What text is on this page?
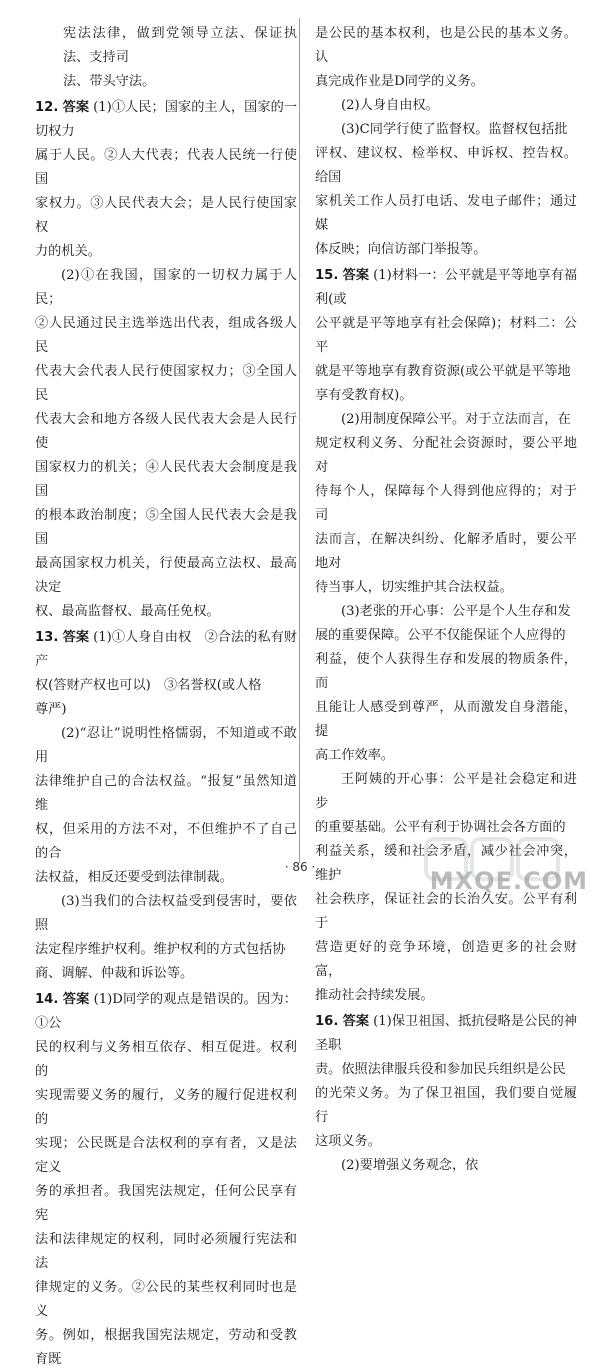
宪法法律，做到党领导立法、保证执法、支持司
法、带头守法。

12. 答案 (1)①人民；国家的主人，国家的一切权力
属于人民。②人大代表；代表人民统一行使国
家权力。③人民代表大会；是人民行使国家权
力的机关。

(2)①在我国，国家的一切权力属于人民；
②人民通过民主选举选出代表，组成各级人民
代表大会代表人民行使国家权力；③全国人民
代表大会和地方各级人民代表大会是人民行使
国家权力的机关；④人民代表大会制度是我国
的根本政治制度；⑤全国人民代表大会是我国
最高国家权力机关，行使最高立法权、最高决定
权、最高监督权、最高任免权。

13. 答案 (1)①人身自由权　②合法的私有财产
权(答财产权也可以)　③名誉权(或人格
尊严)

(2)“忍让”说明性格懦弱，不知道或不敢用
法律维护自己的合法权益。“报复”虽然知道维
权，但采用的方法不对，不但维护不了自己的合
法权益，相反还要受到法律制裁。

(3)当我们的合法权益受到侵害时，要依照
法定程序维护权利。维护权利的方式包括协
商、调解、仲裁和诉讼等。

14. 答案 (1)D同学的观点是错误的。因为：①公
民的权利与义务相互依存、相互促进。权利的
实现需要义务的履行，义务的履行促进权利的
实现；公民既是合法权利的享有者，又是法定义
务的承担者。我国宪法规定，任何公民享有宪
法和法律规定的权利，同时必须履行宪法和法
律规定的义务。②公民的某些权利同时也是义
务。例如，根据我国宪法规定，劳动和受教育既

是公民的基本权利，也是公民的基本义务。认
真完成作业是D同学的义务。

(2)人身自由权。

(3)C同学行使了监督权。监督权包括批
评权、建议权、检举权、申诉权、控告权。给国
家机关工作人员打电话、发电子邮件；通过媒
体反映；向信访部门举报等。

15. 答案 (1)材料一：公平就是平等地享有福利(或
公平就是平等地享有社会保障)；材料二：公平
就是平等地享有教育资源(或公平就是平等地
享有受教育权)。

(2)用制度保障公平。对于立法而言，在
规定权利义务、分配社会资源时，要公平地对
待每个人，保障每个人得到他应得的；对于司
法而言，在解决纠纷、化解矛盾时，要公平地对
待当事人，切实维护其合法权益。

(3)老张的开心事：公平是个人生存和发
展的重要保障。公平不仅能保证个人应得的
利益，使个人获得生存和发展的物质条件，而
且能让人感受到尊严，从而激发自身潜能，提
高工作效率。

王阿姨的开心事：公平是社会稳定和进步
的重要基础。公平有利于协调社会各方面的
利益关系，缓和社会矛盾，减少社会冲突，维护
社会秩序，保证社会的长治久安。公平有利于
营造更好的竞争环境，创造更多的社会财富，
推动社会持续发展。

16. 答案 (1)保卫祖国、抵抗侵略是公民的神圣职
责。依照法律服兵役和参加民兵组织是公民
的光荣义务。为了保卫祖国，我们要自觉履行
这项义务。

(2)要增强义务观念，依

· 86 ·	MXQE.COM
